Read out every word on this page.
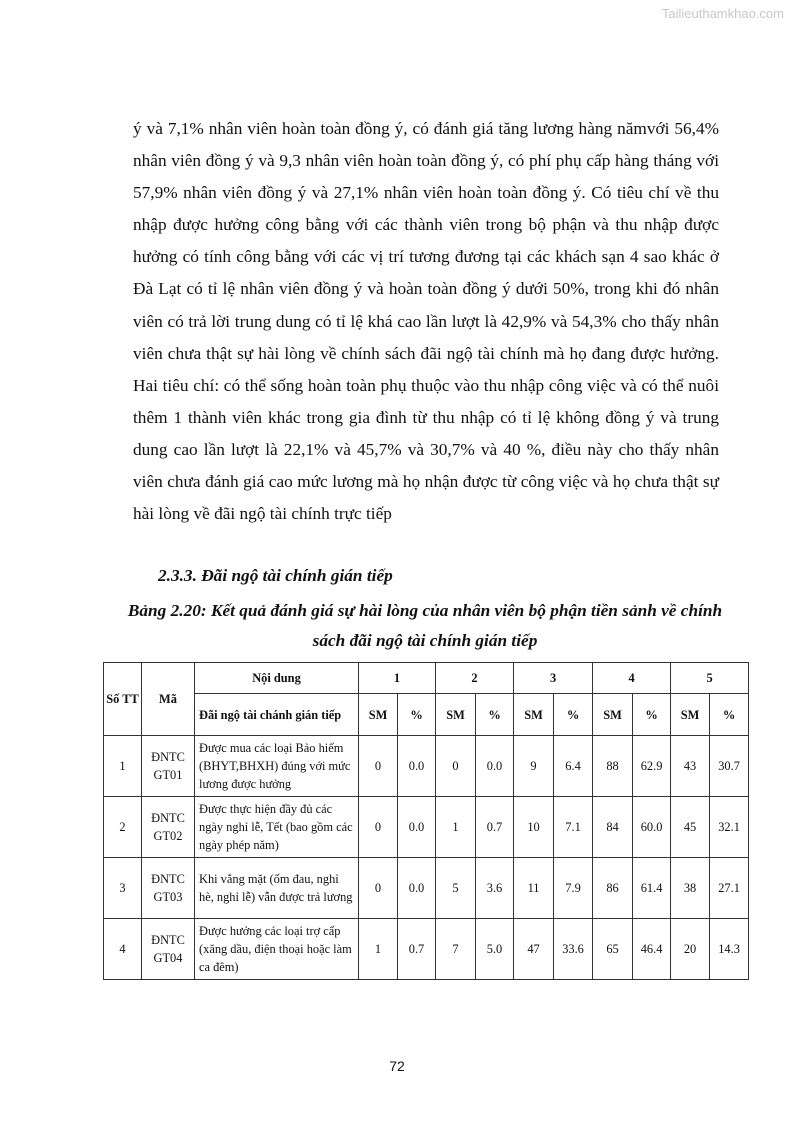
Tailieuthamkhao.com

ý và 7,1% nhân viên hoàn toàn đồng ý, có đánh giá tăng lương hàng nămvới 56,4% nhân viên đồng ý và 9,3 nhân viên hoàn toàn đồng ý, có phí phụ cấp hàng tháng với 57,9% nhân viên đồng ý và 27,1% nhân viên hoàn toàn đồng ý. Có tiêu chí về thu nhập được hưởng công bằng với các thành viên trong bộ phận và thu nhập được hưởng có tính công bằng với các vị trí tương đương tại các khách sạn 4 sao khác ở Đà Lạt có tỉ lệ nhân viên đồng ý và hoàn toàn đồng ý dưới 50%, trong khi đó nhân viên có trả lời trung dung có tỉ lệ khá cao lần lượt là 42,9% và 54,3% cho thấy nhân viên chưa thật sự hài lòng về chính sách đãi ngộ tài chính mà họ đang được hưởng. Hai tiêu chí: có thể sống hoàn toàn phụ thuộc vào thu nhập công việc và có thể nuôi thêm 1 thành viên khác trong gia đình từ thu nhập có tỉ lệ không đồng ý và trung dung cao lần lượt là 22,1% và 45,7% và 30,7% và 40 %, điều này cho thấy nhân viên chưa đánh giá cao mức lương mà họ nhận được từ công việc và họ chưa thật sự hài lòng về đãi ngộ tài chính trực tiếp

2.3.3. Đãi ngộ tài chính gián tiếp

Bảng 2.20: Kết quả đánh giá sự hài lòng của nhân viên bộ phận tiền sảnh về chính sách đãi ngộ tài chính gián tiếp

Số TT	Mã	Nội dung	1		2		3		4		5	
		Đãi ngộ tài chánh gián tiếp	SM	%	SM	%	SM	%	SM	%	SM	%
1	ĐNTC GT01	Được mua các loại Bảo hiểm (BHYT,BHXH) đúng với mức lương được hưởng	0	0.0	0	0.0	9	6.4	88	62.9	43	30.7
2	ĐNTC GT02	Được thực hiện đầy đủ các ngày nghỉ lễ, Tết (bao gồm các ngày phép năm)	0	0.0	1	0.7	10	7.1	84	60.0	45	32.1
3	ĐNTC GT03	Khi vắng mặt (ốm đau, nghỉ hè, nghỉ lễ) vẫn được trả lương	0	0.0	5	3.6	11	7.9	86	61.4	38	27.1
4	ĐNTC GT04	Được hưởng các loại trợ cấp (xăng dầu, điện thoại hoặc làm ca đêm)	1	0.7	7	5.0	47	33.6	65	46.4	20	14.3
72
